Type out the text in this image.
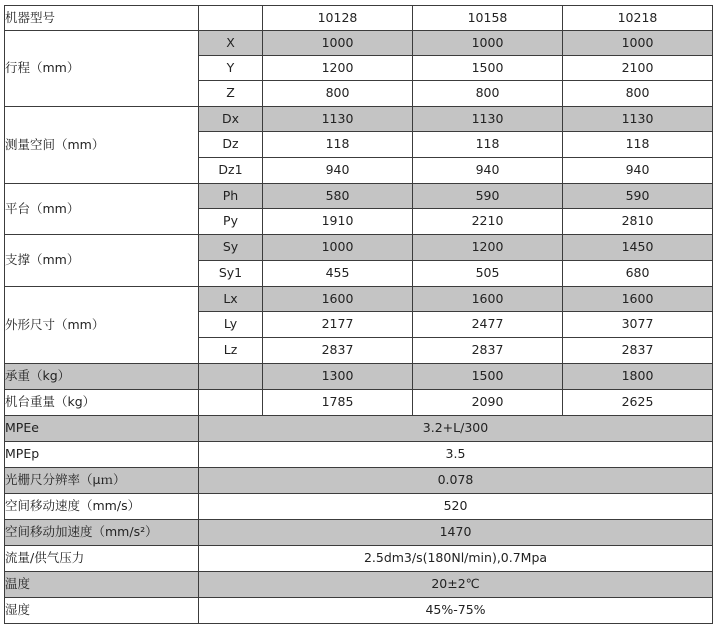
机器型号		10128	10158	10218
行程（mm）	X	1000	1000	1000
	Y	1200	1500	2100
	Z	800	800	800
测量空间（mm）	Dx	1130	1130	1130
	Dz	118	118	118
	Dz1	940	940	940
平台（mm）	Ph	580	590	590
	Py	1910	2210	2810
支撑（mm）	Sy	1000	1200	1450
	Sy1	455	505	680
外形尺寸（mm）	Lx	1600	1600	1600
	Ly	2177	2477	3077
	Lz	2837	2837	2837
承重（kg）		1300	1500	1800
机台重量（kg）		1785	2090	2625
MPEe	3.2+L/300			
MPEp	3.5			
光栅尺分辨率（μｍ）	0.078			
空间移动速度（mm/s）	520			
空间移动加速度（mm/s²）	1470			
流量/供气压力	2.5dm3/s(180Nl/min),0.7Mpa			
温度	20±2℃			
湿度	45%-75%			
